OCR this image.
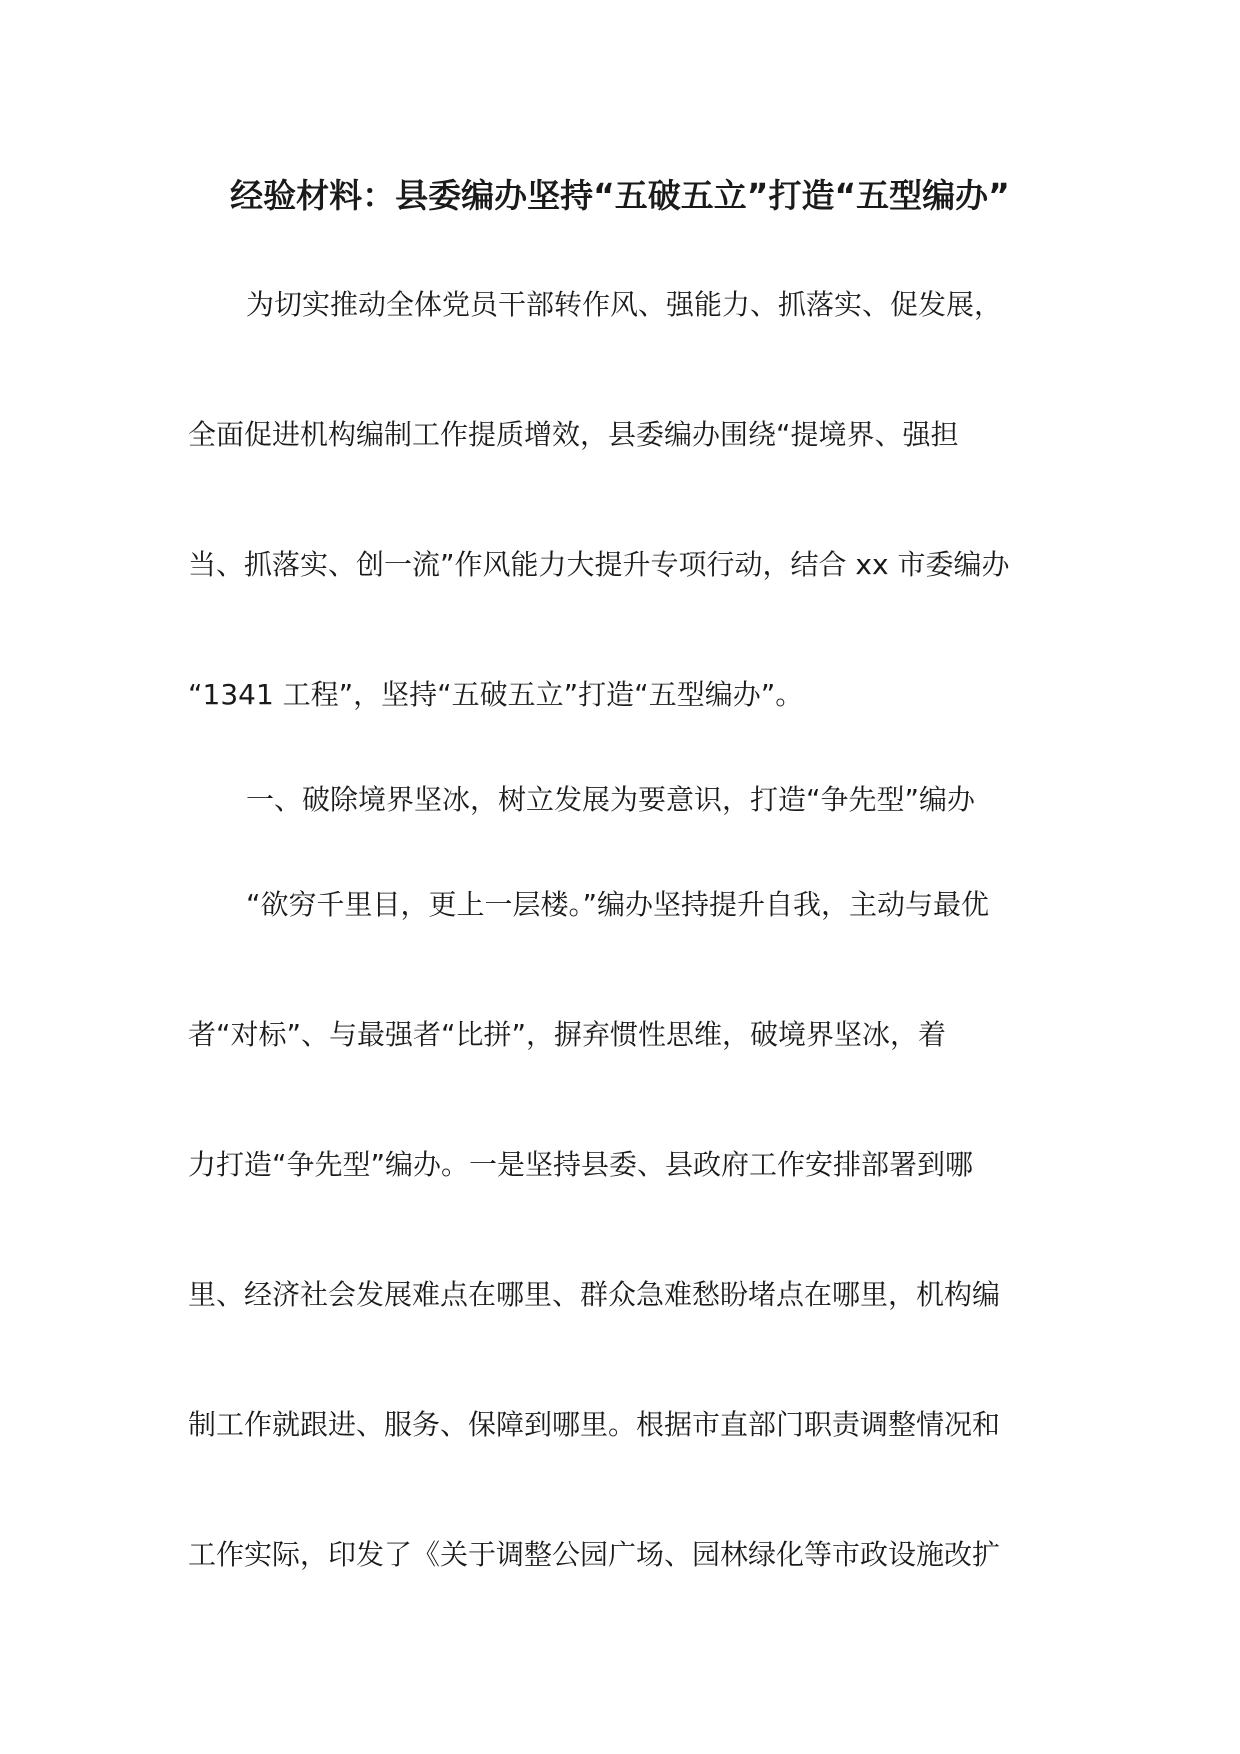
经验材料：县委编办坚持“五破五立”打造“五型编办”
为切实推动全体党员干部转作风、强能力、抓落实、促发展，
全面促进机构编制工作提质增效，县委编办围绕“提境界、强担
当、抓落实、创一流”作风能力大提升专项行动，结合 xx 市委编办
“1341 工程”，坚持“五破五立”打造“五型编办”。
一、破除境界坚冰，树立发展为要意识，打造“争先型”编办
“欲穷千里目，更上一层楼。”编办坚持提升自我，主动与最优
者“对标”、与最强者“比拼”，摒弃惯性思维，破境界坚冰，着
力打造“争先型”编办。一是坚持县委、县政府工作安排部署到哪
里、经济社会发展难点在哪里、群众急难愁盼堵点在哪里，机构编
制工作就跟进、服务、保障到哪里。根据市直部门职责调整情况和
工作实际，印发了《关于调整公园广场、园林绿化等市政设施改扩
